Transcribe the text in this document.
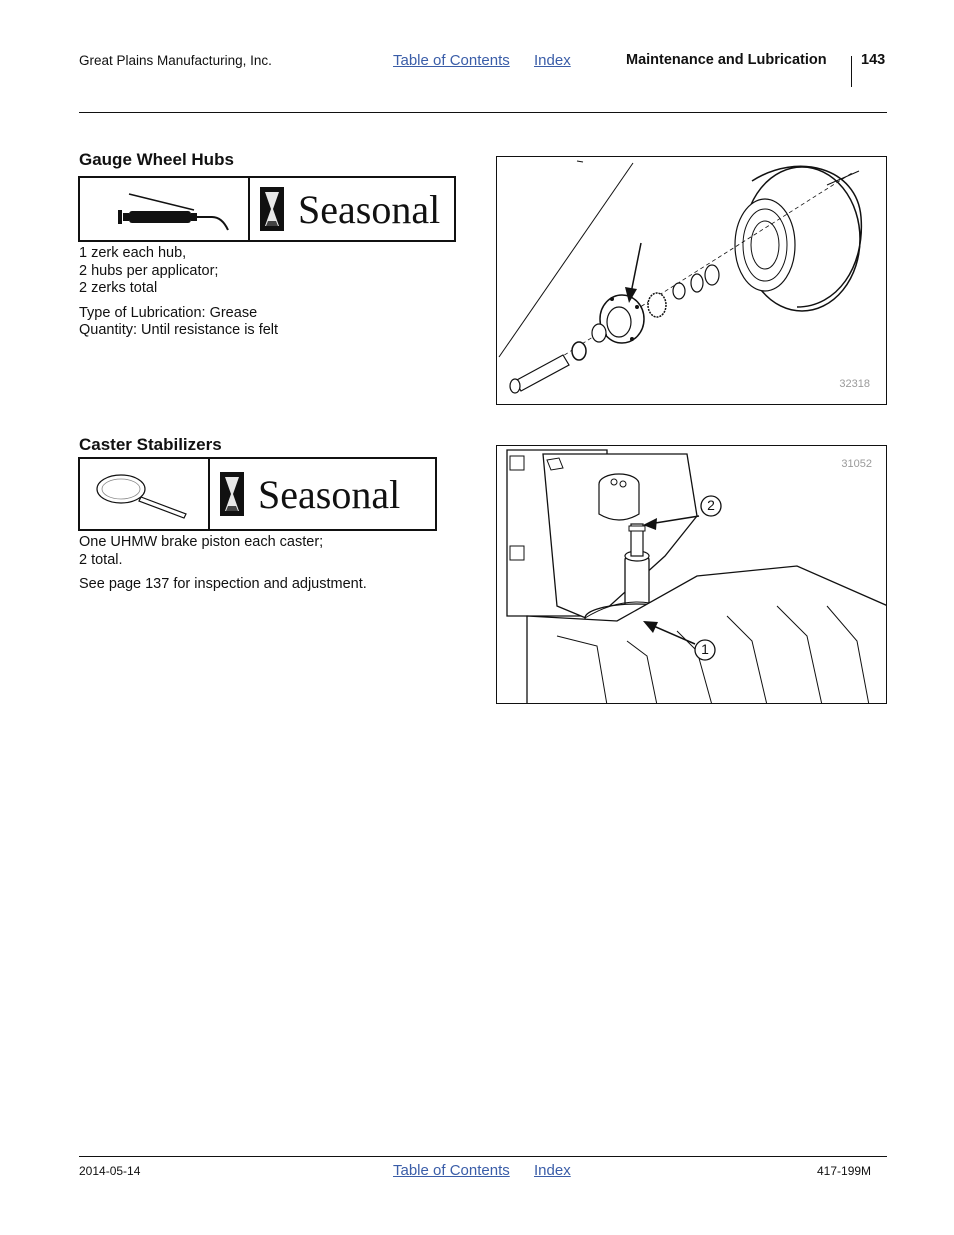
Great Plains Manufacturing, Inc.	Table of Contents Index	Maintenance and Lubrication 143
Gauge Wheel Hubs
Seasonal
1 zerk each hub,
2 hubs per applicator;
2 zerks total
Type of Lubrication: Grease
Quantity: Until resistance is felt
32318
Caster Stabilizers
Seasonal
One UHMW brake piston each caster;
2 total.
See page 137 for inspection and adjustment.
31052
2
1
2014-05-14	Table of Contents Index	417-199M
